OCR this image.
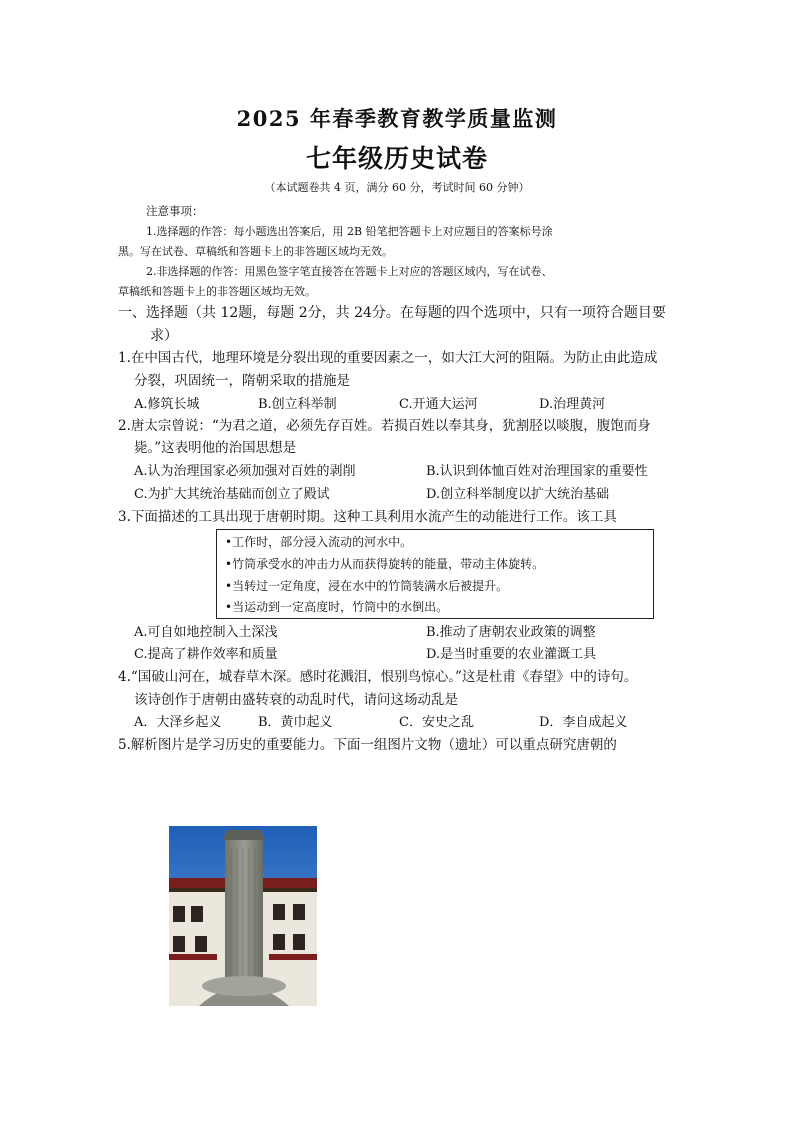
2025 年春季教育教学质量监测
七年级历史试卷
（本试题卷共 4 页，满分 60 分，考试时间 60 分钟）
注意事项：
1.选择题的作答：每小题选出答案后，用 2B 铅笔把答题卡上对应题目的答案标号涂
黑。写在试卷、草稿纸和答题卡上的非答题区域均无效。
2.非选择题的作答：用黑色签字笔直接答在答题卡上对应的答题区域内，写在试卷、
草稿纸和答题卡上的非答题区域均无效。
一、选择题（共 12题，每题 2分，共 24分。在每题的四个选项中，只有一项符合题目要
求）
1.在中国古代，地理环境是分裂出现的重要因素之一，如大江大河的阻隔。为防止由此造成
分裂，巩固统一，隋朝采取的措施是
A.修筑长城	B.创立科举制	C.开通大运河	D.治理黄河
2.唐太宗曾说：“为君之道，必须先存百姓。若损百姓以奉其身，犹割胫以啖腹，腹饱而身
毙。”这表明他的治国思想是
A.认为治理国家必须加强对百姓的剥削	B.认识到体恤百姓对治理国家的重要性
C.为扩大其统治基础而创立了殿试	D.创立科举制度以扩大统治基础
3.下面描述的工具出现于唐朝时期。这种工具利用水流产生的动能进行工作。该工具
•工作时，部分浸入流动的河水中。
•竹筒承受水的冲击力从而获得旋转的能量，带动主体旋转。
•当转过一定角度，浸在水中的竹筒装满水后被提升。
•当运动到一定高度时，竹筒中的水倒出。
A.可自如地控制入土深浅	B.推动了唐朝农业政策的调整
C.提高了耕作效率和质量	D.是当时重要的农业灌溉工具
4.“国破山河在，城春草木深。感时花溅泪，恨别鸟惊心。”这是杜甫《春望》中的诗句。
该诗创作于唐朝由盛转衰的动乱时代，请问这场动乱是
A．大泽乡起义	B．黄巾起义	C．安史之乱	D．李自成起义
5.解析图片是学习历史的重要能力。下面一组图片文物（遗址）可以重点研究唐朝的
